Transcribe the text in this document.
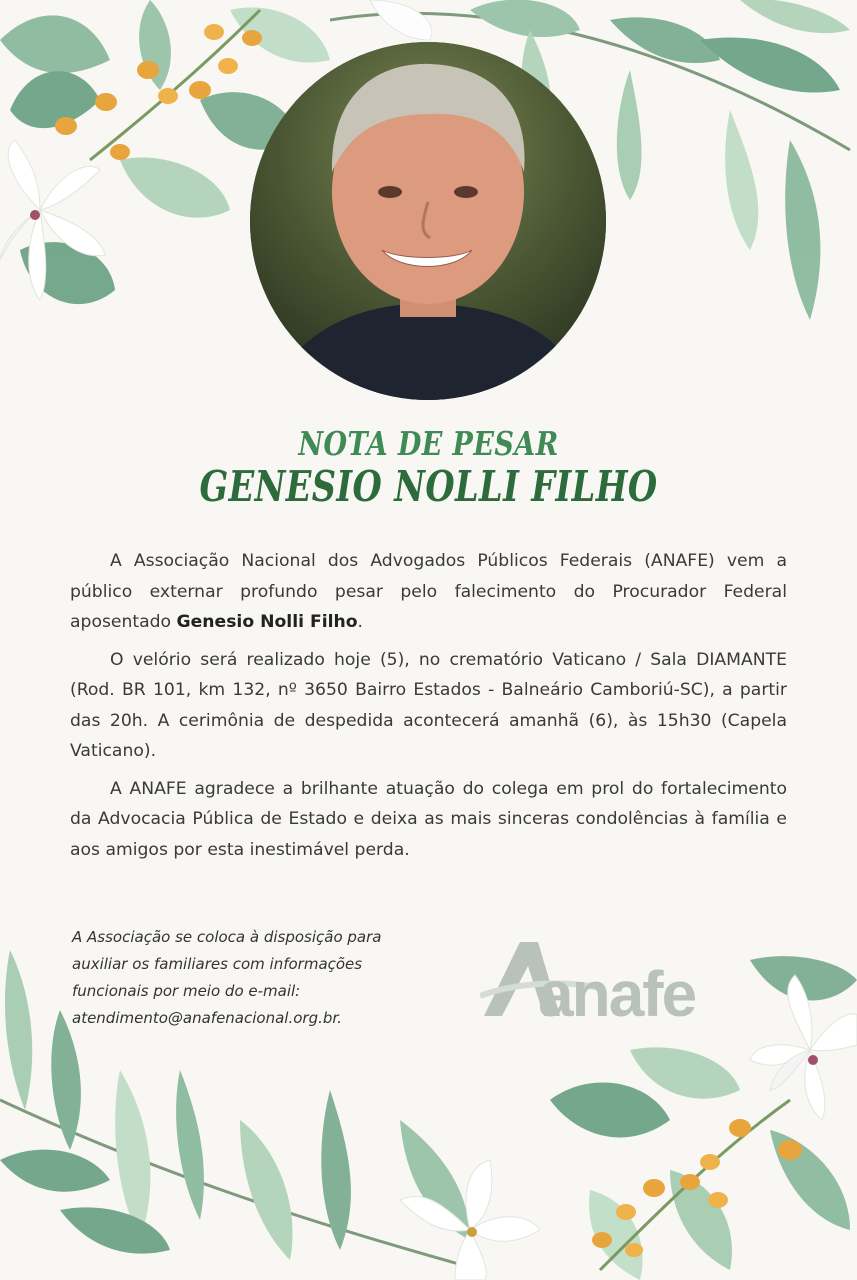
NOTA DE PESAR
GENESIO NOLLI FILHO

A Associação Nacional dos Advogados Públicos Federais (ANAFE) vem a público externar profundo pesar pelo falecimento do Procurador Federal aposentado Genesio Nolli Filho.

O velório será realizado hoje (5), no crematório Vaticano / Sala DIAMANTE (Rod. BR 101, km 132, nº 3650 Bairro Estados - Balneário Camboriú-SC), a partir das 20h. A cerimônia de despedida acontecerá amanhã (6), às 15h30 (Capela Vaticano).

A ANAFE agradece a brilhante atuação do colega em prol do fortalecimento da Advocacia Pública de Estado e deixa as mais sinceras condolências à família e aos amigos por esta inestimável perda.

A Associação se coloca à disposição para
auxiliar os familiares com informações
funcionais por meio do e-mail:
atendimento@anafenacional.org.br.	anafe
